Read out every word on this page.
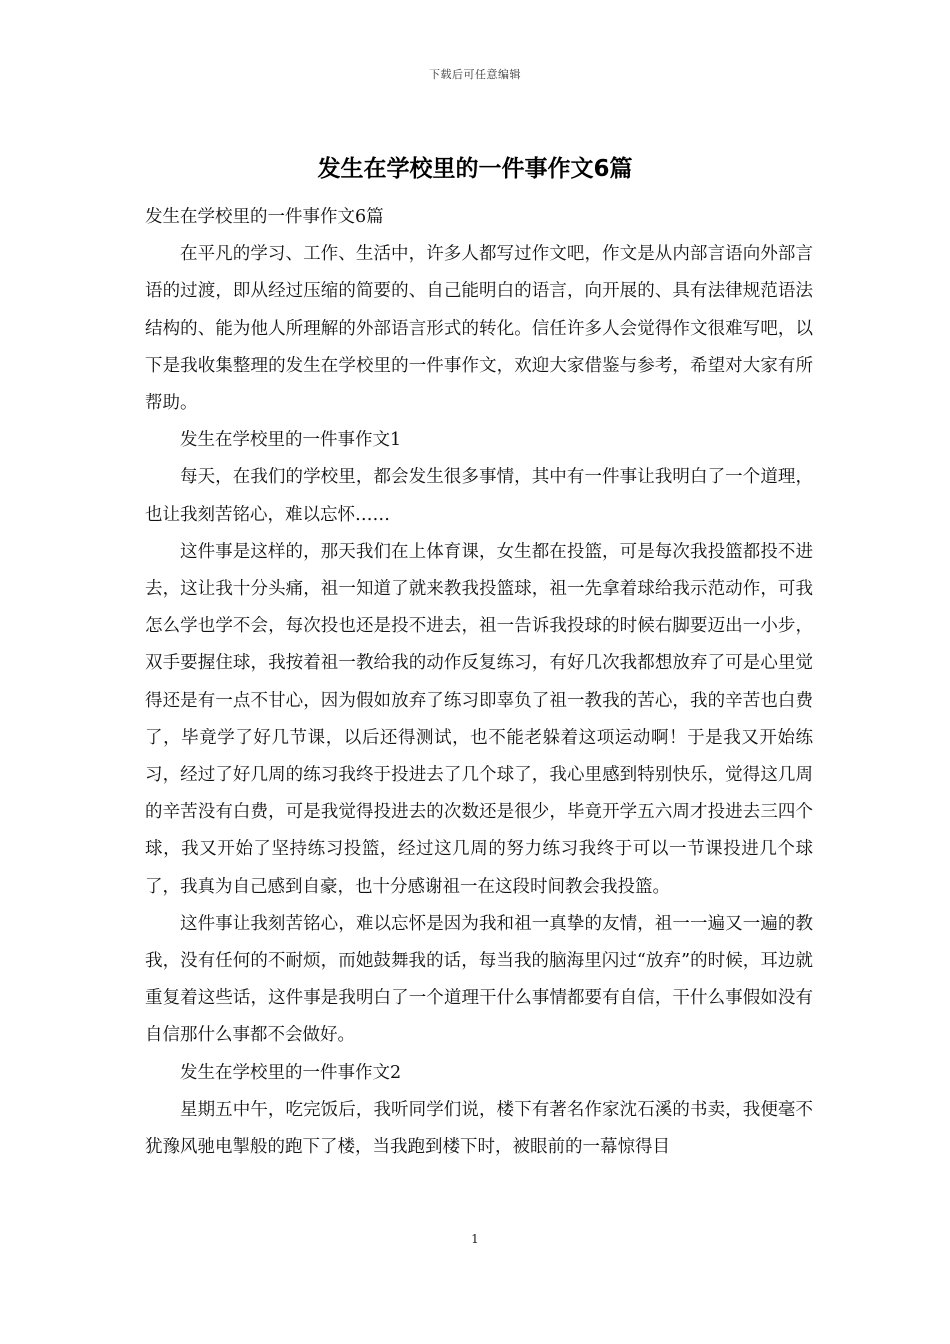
下载后可任意编辑
发生在学校里的一件事作文6篇

发生在学校里的一件事作文6篇

在平凡的学习、工作、生活中，许多人都写过作文吧，作文是从内部言语向外部言语的过渡，即从经过压缩的简要的、自己能明白的语言，向开展的、具有法律规范语法结构的、能为他人所理解的外部语言形式的转化。信任许多人会觉得作文很难写吧，以下是我收集整理的发生在学校里的一件事作文，欢迎大家借鉴与参考，希望对大家有所帮助。

发生在学校里的一件事作文1

每天，在我们的学校里，都会发生很多事情，其中有一件事让我明白了一个道理，也让我刻苦铭心，难以忘怀……

这件事是这样的，那天我们在上体育课，女生都在投篮，可是每次我投篮都投不进去，这让我十分头痛，祖一知道了就来教我投篮球，祖一先拿着球给我示范动作，可我怎么学也学不会，每次投也还是投不进去，祖一告诉我投球的时候右脚要迈出一小步，双手要握住球，我按着祖一教给我的动作反复练习，有好几次我都想放弃了可是心里觉得还是有一点不甘心，因为假如放弃了练习即辜负了祖一教我的苦心，我的辛苦也白费了，毕竟学了好几节课，以后还得测试，也不能老躲着这项运动啊！于是我又开始练习，经过了好几周的练习我终于投进去了几个球了，我心里感到特别快乐，觉得这几周的辛苦没有白费，可是我觉得投进去的次数还是很少，毕竟开学五六周才投进去三四个球，我又开始了坚持练习投篮，经过这几周的努力练习我终于可以一节课投进几个球了，我真为自己感到自豪，也十分感谢祖一在这段时间教会我投篮。

这件事让我刻苦铭心，难以忘怀是因为我和祖一真挚的友情，祖一一遍又一遍的教我，没有任何的不耐烦，而她鼓舞我的话，每当我的脑海里闪过“放弃”的时候，耳边就重复着这些话，这件事是我明白了一个道理干什么事情都要有自信，干什么事假如没有自信那什么事都不会做好。

发生在学校里的一件事作文2

星期五中午，吃完饭后，我听同学们说，楼下有著名作家沈石溪的书卖，我便毫不犹豫风驰电掣般的跑下了楼，当我跑到楼下时，被眼前的一幕惊得目

1
